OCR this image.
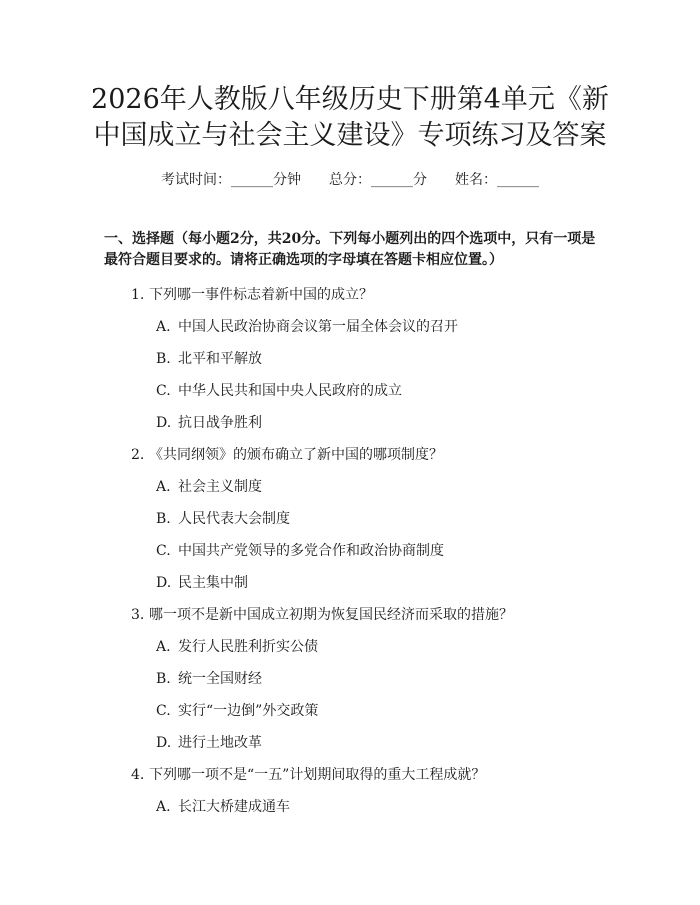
2026年人教版八年级历史下册第4单元《新
中国成立与社会主义建设》专项练习及答案
考试时间：______分钟 总分：______分 姓名：______
一、选择题（每小题2分，共20分。下列每小题列出的四个选项中，只有一项是最符合题目要求的。请将正确选项的字母填在答题卡相应位置。）
1. 下列哪一事件标志着新中国的成立？
A. 中国人民政治协商会议第一届全体会议的召开
B. 北平和平解放
C. 中华人民共和国中央人民政府的成立
D. 抗日战争胜利
2. 《共同纲领》的颁布确立了新中国的哪项制度？
A. 社会主义制度
B. 人民代表大会制度
C. 中国共产党领导的多党合作和政治协商制度
D. 民主集中制
3. 哪一项不是新中国成立初期为恢复国民经济而采取的措施？
A. 发行人民胜利折实公债
B. 统一全国财经
C. 实行“一边倒”外交政策
D. 进行土地改革
4. 下列哪一项不是“一五”计划期间取得的重大工程成就？
A. 长江大桥建成通车
